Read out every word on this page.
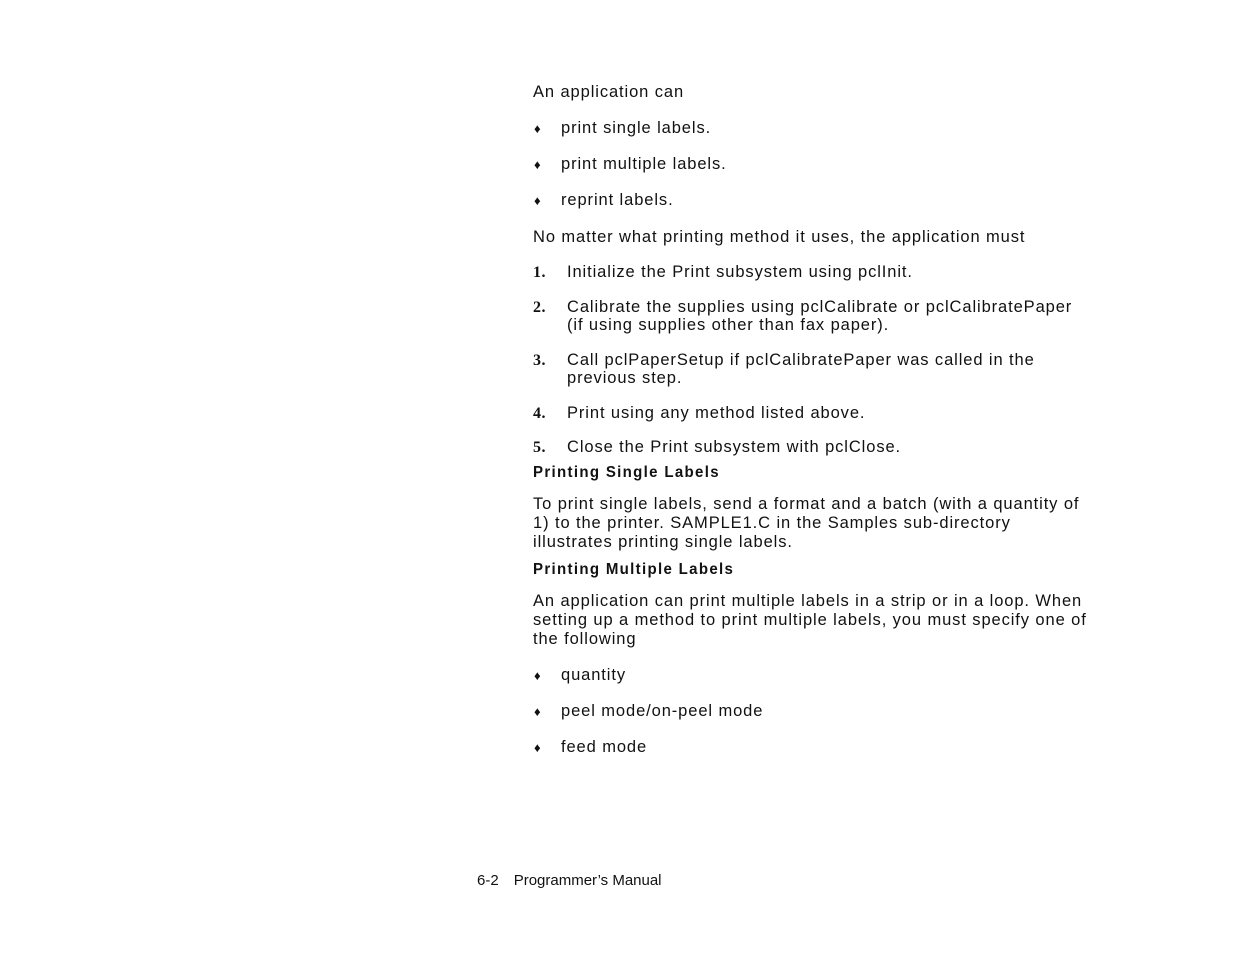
An application can

♦ print single labels.
♦ print multiple labels.
♦ reprint labels.

No matter what printing method it uses, the application must

1. Initialize the Print subsystem using pclInit.
2. Calibrate the supplies using pclCalibrate or pclCalibratePaper (if using supplies other than fax paper).
3. Call pclPaperSetup if pclCalibratePaper was called in the previous step.
4. Print using any method listed above.
5. Close the Print subsystem with pclClose.
Printing Single Labels

To print single labels, send a format and a batch (with a quantity of 1) to the printer. SAMPLE1.C in the Samples sub-directory illustrates printing single labels.

Printing Multiple Labels

An application can print multiple labels in a strip or in a loop. When setting up a method to print multiple labels, you must specify one of the following

♦ quantity
♦ peel mode/on-peel mode
♦ feed mode
6-2 Programmer’s Manual
